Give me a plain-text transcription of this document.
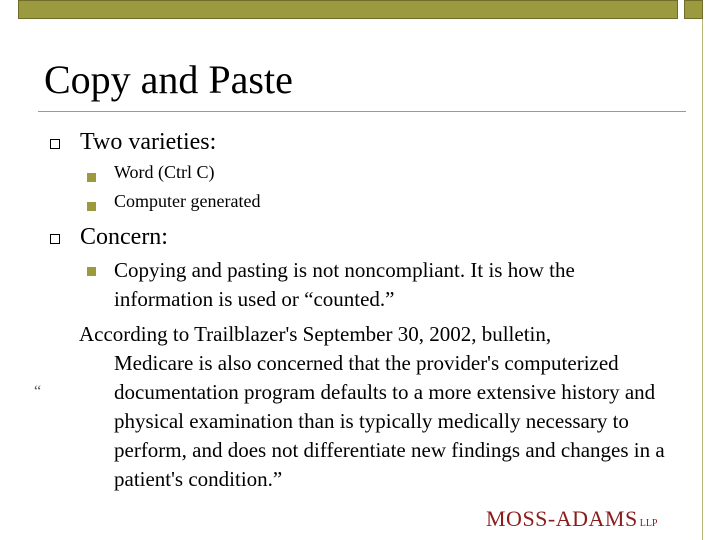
Copy and Paste
Two varieties:
Word (Ctrl C)
Computer generated
Concern:
Copying and pasting is not noncompliant. It is how the information is used or “counted.”
According to Trailblazer's September 30, 2002, bulletin,
Medicare is also concerned that the provider's computerized documentation program defaults to a more extensive history and physical examination than is typically medically necessary to perform, and does not differentiate new findings and changes in a patient's condition.”
“
MOSS-ADAMS LLP
